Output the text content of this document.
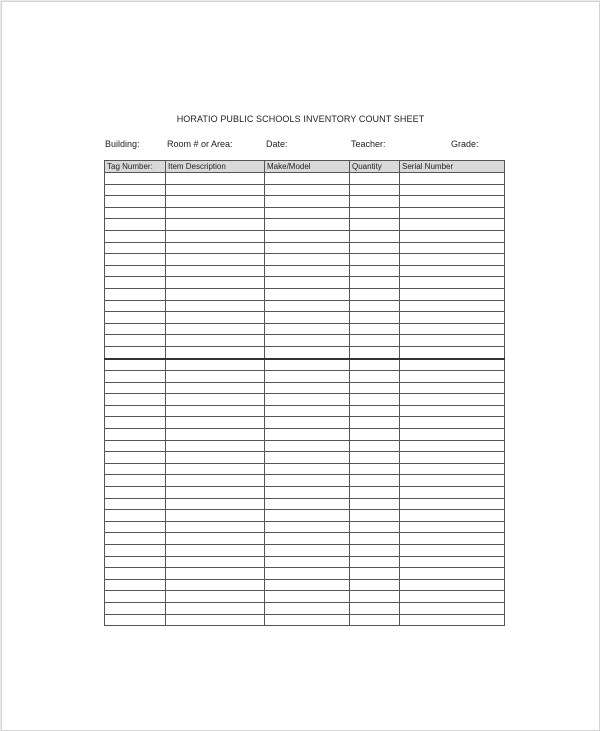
HORATIO PUBLIC SCHOOLS INVENTORY COUNT SHEET
Building:	Room # or Area:	Date:	Teacher:	Grade:
Tag Number:	Item Description	Make/Model	Quantity	Serial Number
